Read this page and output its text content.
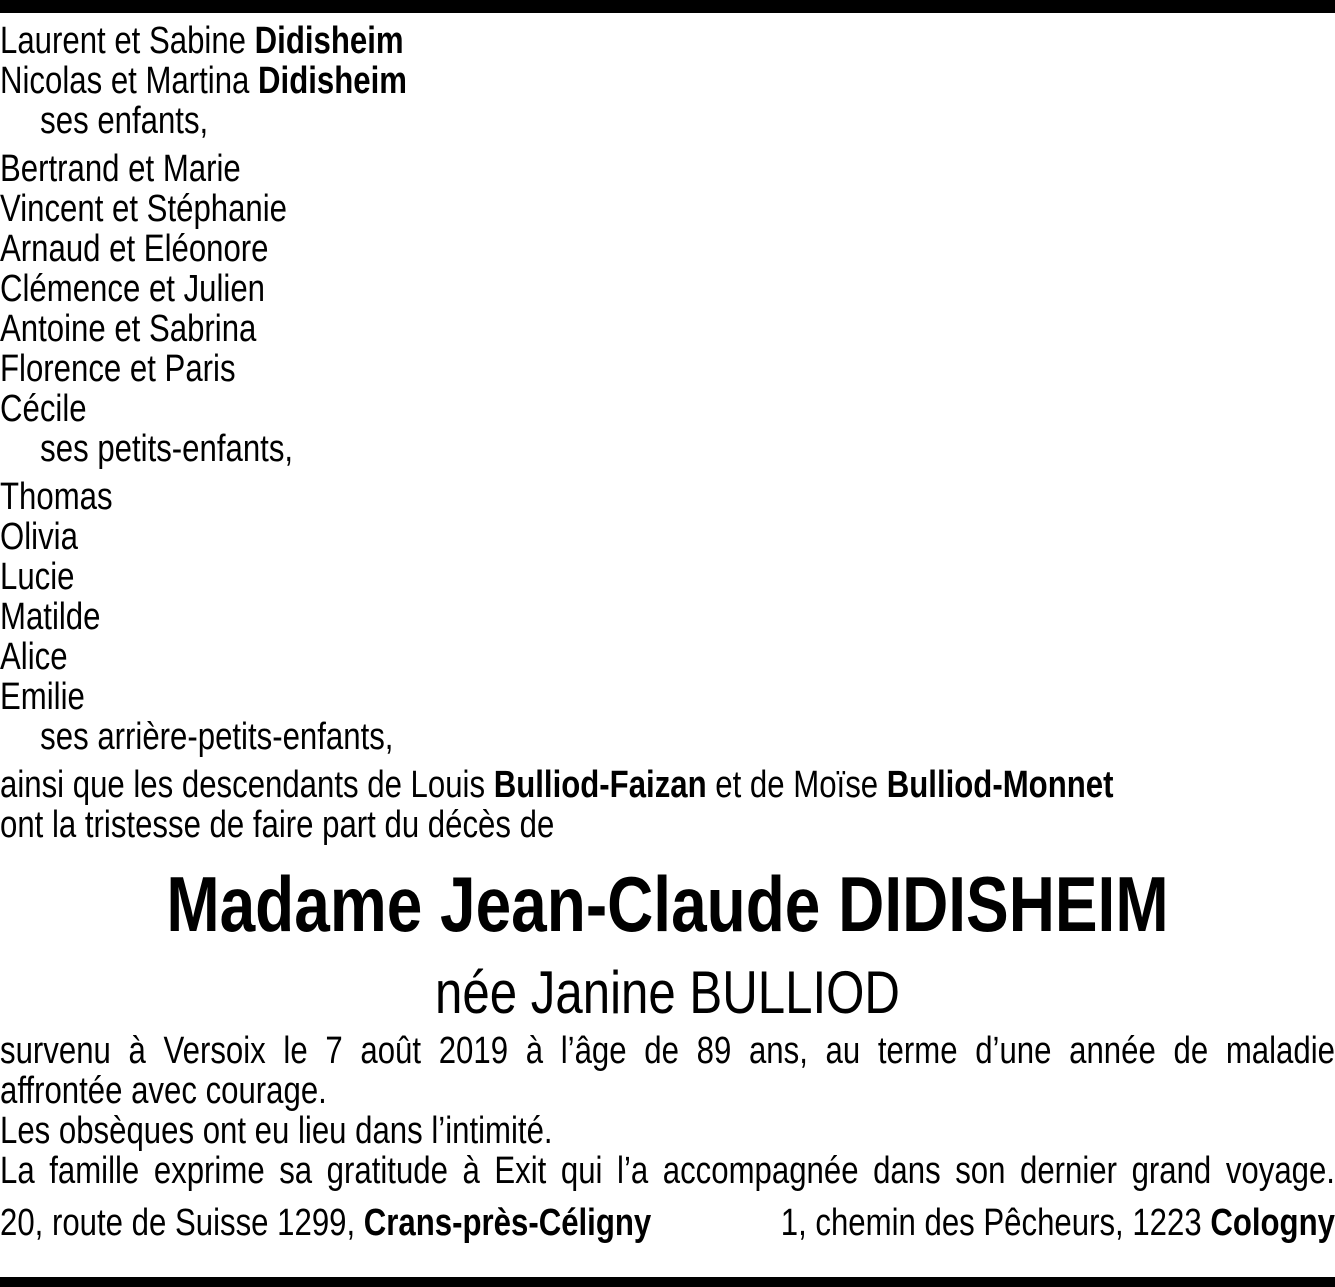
Laurent et Sabine Didisheim
Nicolas et Martina Didisheim
ses enfants,
Bertrand et Marie
Vincent et Stéphanie
Arnaud et Eléonore
Clémence et Julien
Antoine et Sabrina
Florence et Paris
Cécile
ses petits-enfants,
Thomas
Olivia
Lucie
Matilde
Alice
Emilie
ses arrière-petits-enfants,
ainsi que les descendants de Louis Bulliod-Faizan et de Moïse Bulliod-Monnet
ont la tristesse de faire part du décès de
Madame Jean-Claude DIDISHEIM
née Janine BULLIOD
survenu à Versoix le 7 août 2019 à l’âge de 89 ans, au terme d’une année de maladie
affrontée avec courage.
Les obsèques ont eu lieu dans l’intimité.
La famille exprime sa gratitude à Exit qui l’a accompagnée dans son dernier grand voyage.
20, route de Suisse 1299, Crans-près-Céligny	1, chemin des Pêcheurs, 1223 Cologny
